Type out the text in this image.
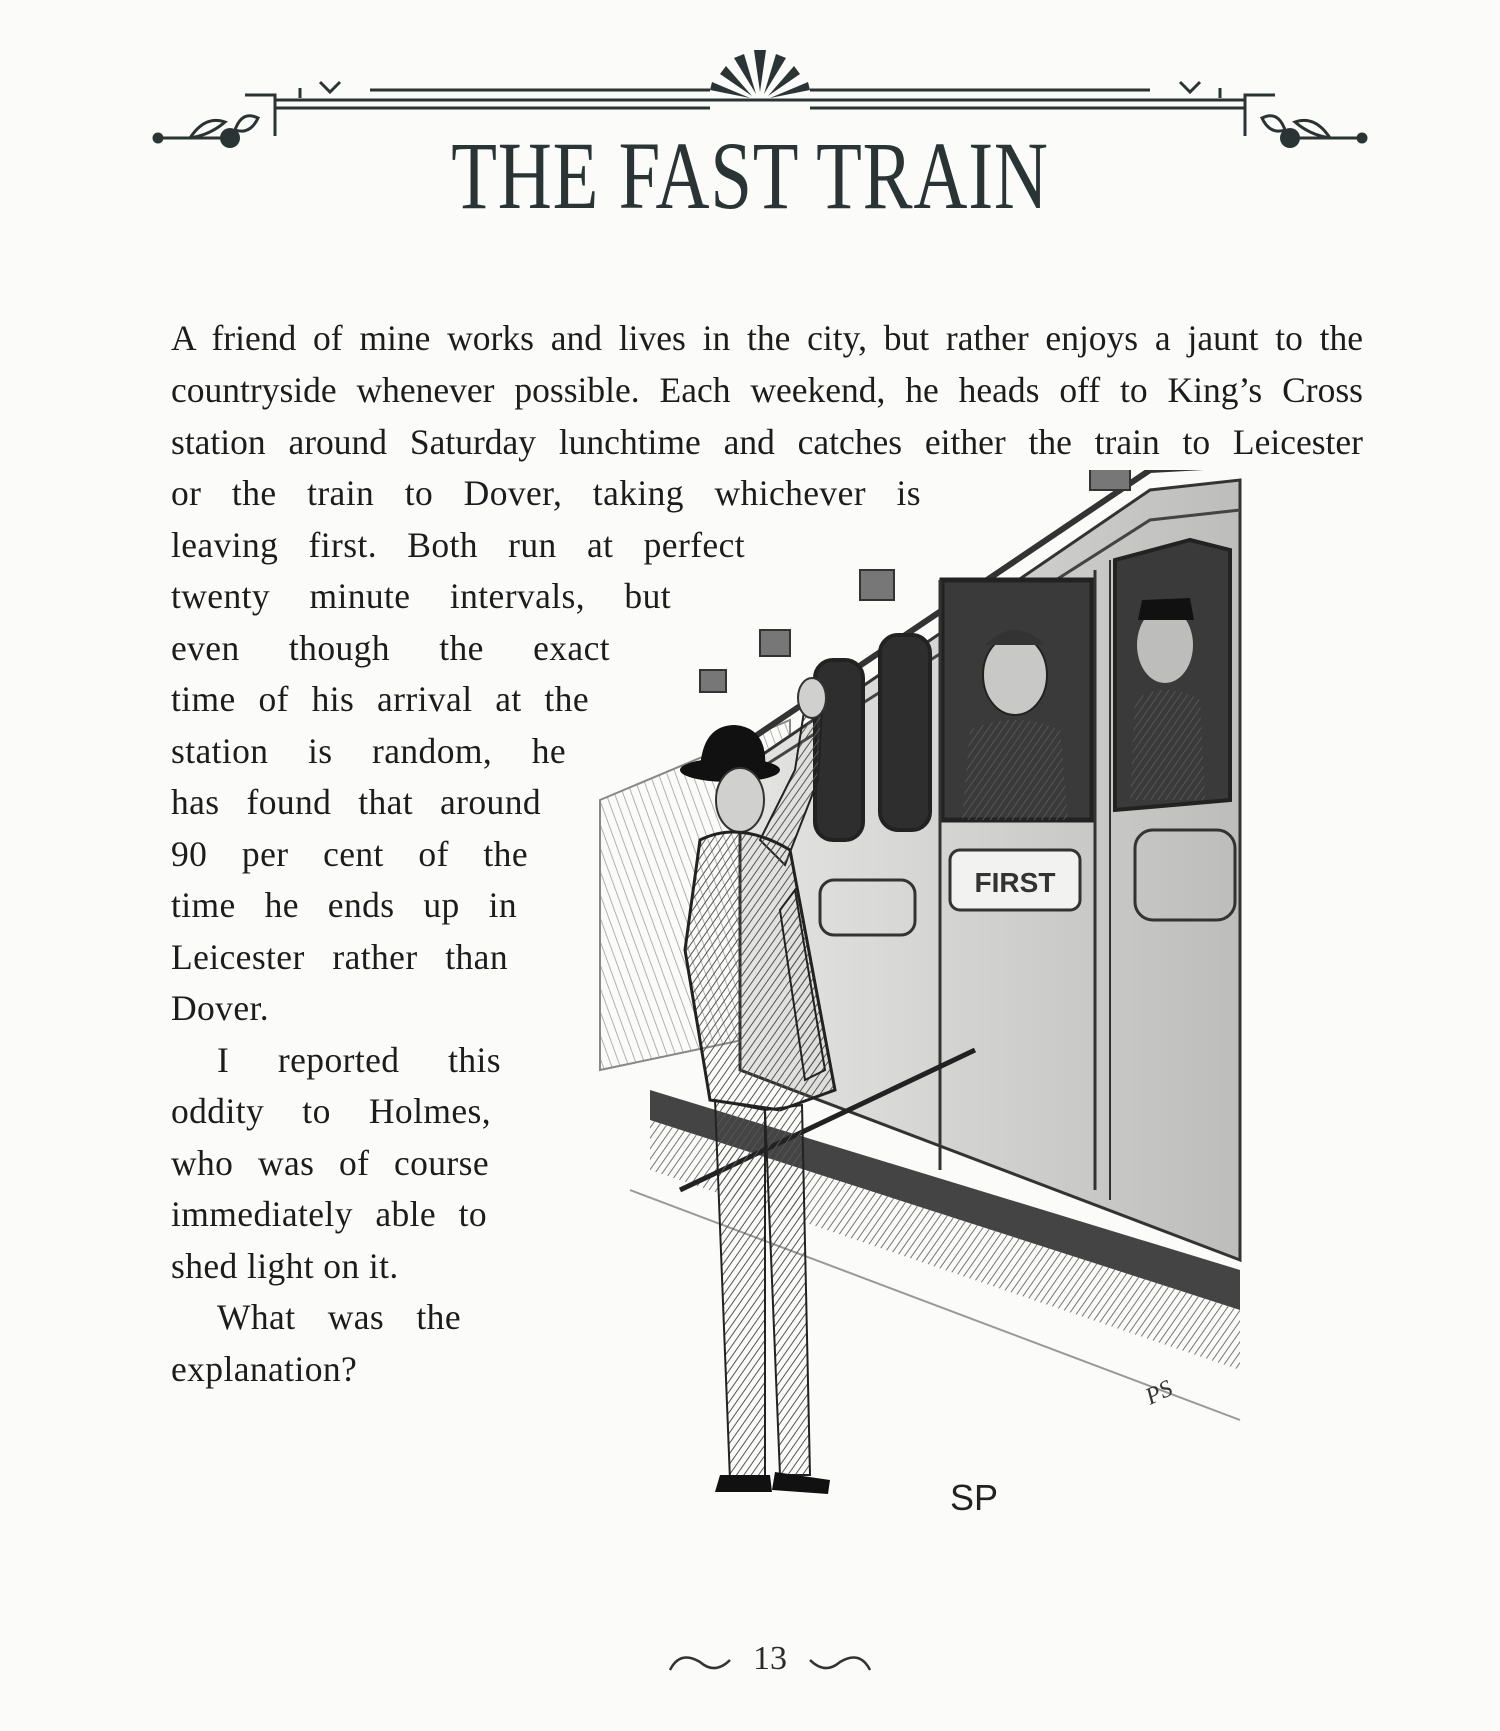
THE FAST TRAIN
A friend of mine works and lives in the city, but rather enjoys a jaunt to the
countryside whenever possible. Each weekend, he heads off to King’s Cross
station around Saturday lunchtime and catches either the train to Leicester
or the train to Dover, taking whichever is
leaving first. Both run at perfect
twenty minute intervals, but
even though the exact
time of his arrival at the
station is random, he
has found that around
90 per cent of the
time he ends up in
Leicester rather than
Dover.
I reported this
oddity to Holmes,
who was of course
immediately able to
shed light on it.
What was the
explanation?
FIRST
SP
PS
13
